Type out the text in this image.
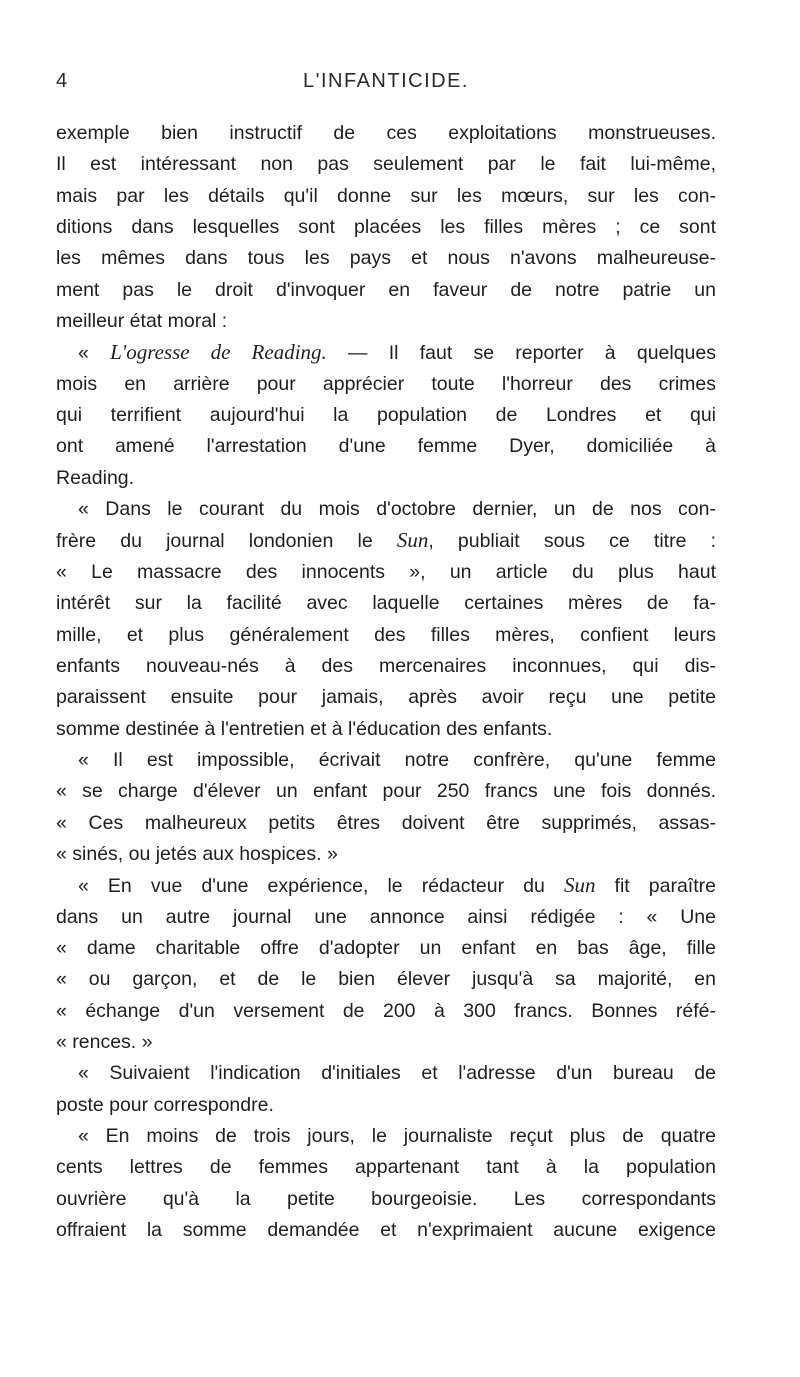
4	L'INFANTICIDE.
exemple bien instructif de ces exploitations monstrueuses.
Il est intéressant non pas seulement par le fait lui-même,
mais par les détails qu'il donne sur les mœurs, sur les con-
ditions dans lesquelles sont placées les filles mères ; ce sont
les mêmes dans tous les pays et nous n'avons malheureuse-
ment pas le droit d'invoquer en faveur de notre patrie un
meilleur état moral :
« L'ogresse de Reading. — Il faut se reporter à quelques
mois en arrière pour apprécier toute l'horreur des crimes
qui terrifient aujourd'hui la population de Londres et qui
ont amené l'arrestation d'une femme Dyer, domiciliée à
Reading.
« Dans le courant du mois d'octobre dernier, un de nos con-
frère du journal londonien le Sun, publiait sous ce titre :
« Le massacre des innocents », un article du plus haut
intérêt sur la facilité avec laquelle certaines mères de fa-
mille, et plus généralement des filles mères, confient leurs
enfants nouveau-nés à des mercenaires inconnues, qui dis-
paraissent ensuite pour jamais, après avoir reçu une petite
somme destinée à l'entretien et à l'éducation des enfants.
« Il est impossible, écrivait notre confrère, qu'une femme
« se charge d'élever un enfant pour 250 francs une fois donnés.
« Ces malheureux petits êtres doivent être supprimés, assas-
« sinés, ou jetés aux hospices. »
« En vue d'une expérience, le rédacteur du Sun fit paraître
dans un autre journal une annonce ainsi rédigée : « Une
« dame charitable offre d'adopter un enfant en bas âge, fille
« ou garçon, et de le bien élever jusqu'à sa majorité, en
« échange d'un versement de 200 à 300 francs. Bonnes réfé-
« rences. »
« Suivaient l'indication d'initiales et l'adresse d'un bureau de
poste pour correspondre.
« En moins de trois jours, le journaliste reçut plus de quatre
cents lettres de femmes appartenant tant à la population
ouvrière qu'à la petite bourgeoisie. Les correspondants
offraient la somme demandée et n'exprimaient aucune exigence
